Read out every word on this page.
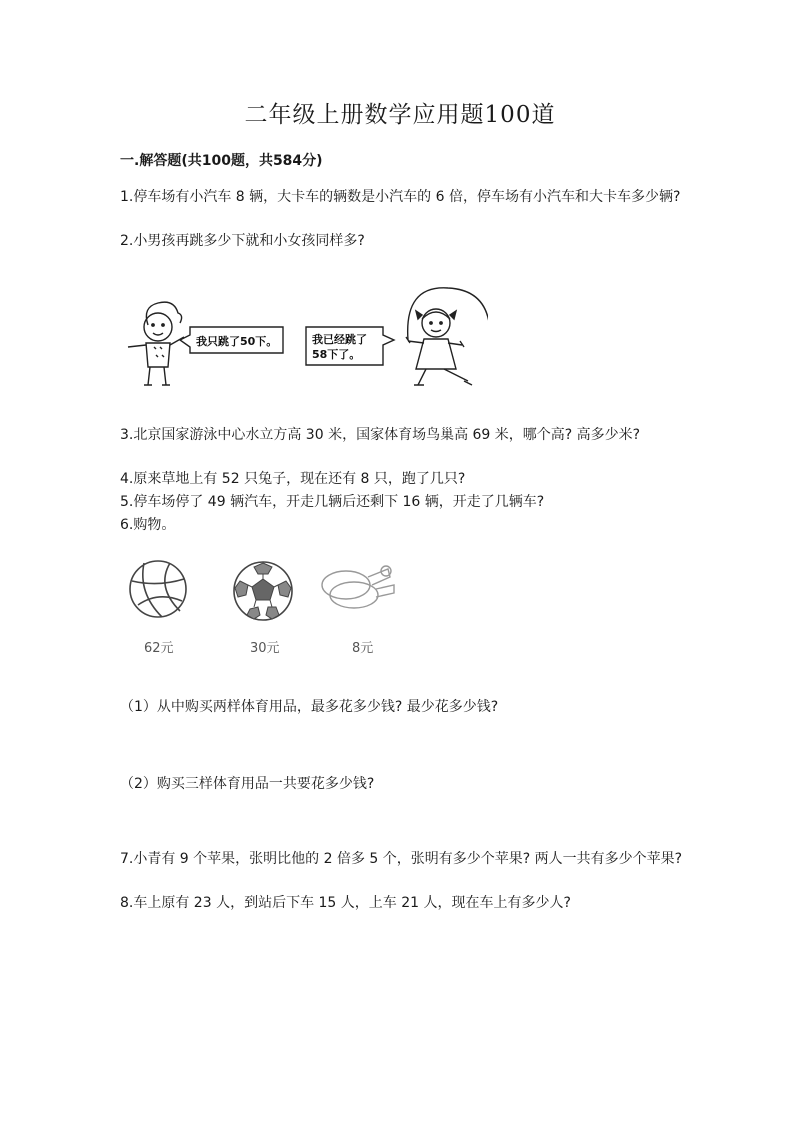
二年级上册数学应用题100道
一.解答题(共100题，共584分)
1.停车场有小汽车 8 辆，大卡车的辆数是小汽车的 6 倍，停车场有小汽车和大卡车多少辆?
2.小男孩再跳多少下就和小女孩同样多?
我只跳了50下。	我已经跳了
58下了。
3.北京国家游泳中心水立方高 30 米，国家体育场鸟巢高 69 米，哪个高? 高多少米?
4.原来草地上有 52 只兔子，现在还有 8 只，跑了几只?
5.停车场停了 49 辆汽车，开走几辆后还剩下 16 辆，开走了几辆车?
6.购物。
62元	30元	8元
（1）从中购买两样体育用品，最多花多少钱? 最少花多少钱?
（2）购买三样体育用品一共要花多少钱?
7.小青有 9 个苹果，张明比他的 2 倍多 5 个，张明有多少个苹果? 两人一共有多少个苹果?
8.车上原有 23 人，到站后下车 15 人，上车 21 人，现在车上有多少人?
